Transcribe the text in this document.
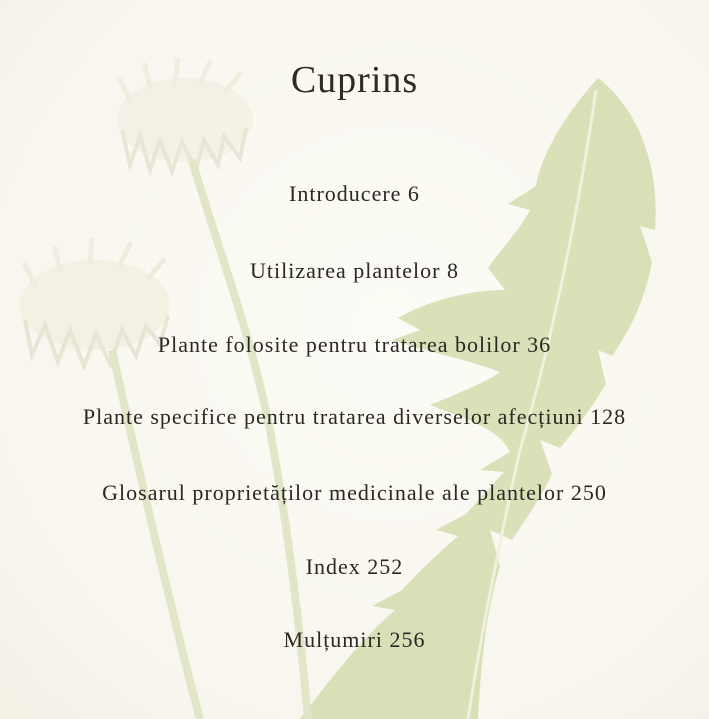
Cuprins
Introducere 6
Utilizarea plantelor 8
Plante folosite pentru tratarea bolilor 36
Plante specifice pentru tratarea diverselor afecțiuni 128
Glosarul proprietăților medicinale ale plantelor 250
Index 252
Mulțumiri 256
